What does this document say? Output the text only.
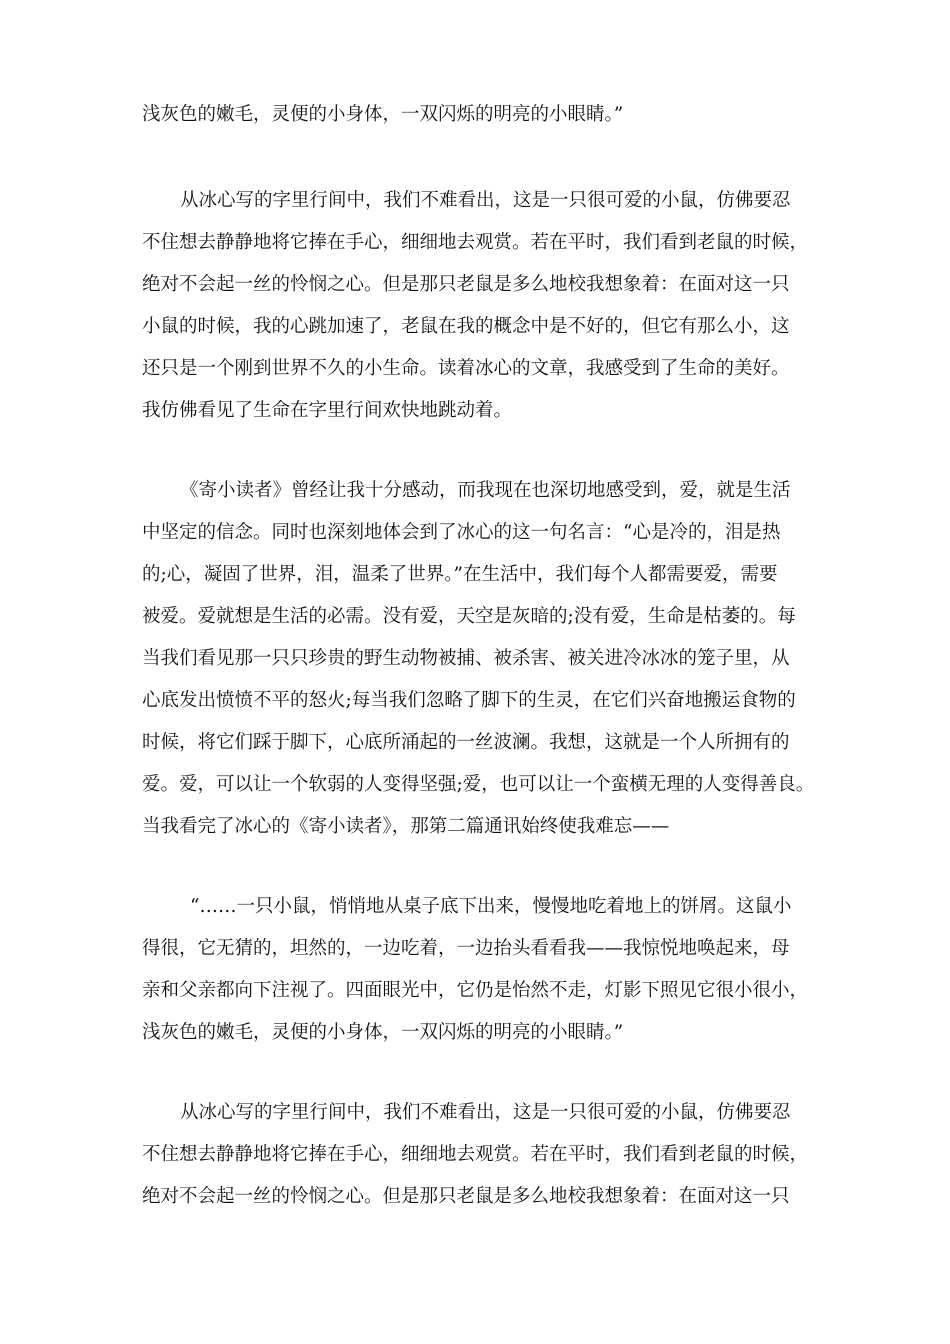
浅灰色的嫩毛，灵便的小身体，一双闪烁的明亮的小眼睛。”
从冰心写的字里行间中，我们不难看出，这是一只很可爱的小鼠，仿佛要忍
不住想去静静地将它捧在手心，细细地去观赏。若在平时，我们看到老鼠的时候，
绝对不会起一丝的怜悯之心。但是那只老鼠是多么地校我想象着：在面对这一只
小鼠的时候，我的心跳加速了，老鼠在我的概念中是不好的，但它有那么小，这
还只是一个刚到世界不久的小生命。读着冰心的文章，我感受到了生命的美好。
我仿佛看见了生命在字里行间欢快地跳动着。
《寄小读者》曾经让我十分感动，而我现在也深切地感受到，爱，就是生活
中坚定的信念。同时也深刻地体会到了冰心的这一句名言：“心是冷的，泪是热
的;心，凝固了世界，泪，温柔了世界。”在生活中，我们每个人都需要爱，需要
被爱。爱就想是生活的必需。没有爱，天空是灰暗的;没有爱，生命是枯萎的。每
当我们看见那一只只珍贵的野生动物被捕、被杀害、被关进冷冰冰的笼子里，从
心底发出愤愤不平的怒火;每当我们忽略了脚下的生灵，在它们兴奋地搬运食物的
时候，将它们踩于脚下，心底所涌起的一丝波澜。我想，这就是一个人所拥有的
爱。爱，可以让一个软弱的人变得坚强;爱，也可以让一个蛮横无理的人变得善良。
当我看完了冰心的《寄小读者》，那第二篇通讯始终使我难忘——
“……一只小鼠，悄悄地从桌子底下出来，慢慢地吃着地上的饼屑。这鼠小
得很，它无猜的，坦然的，一边吃着，一边抬头看看我——我惊悦地唤起来，母
亲和父亲都向下注视了。四面眼光中，它仍是怡然不走，灯影下照见它很小很小，
浅灰色的嫩毛，灵便的小身体，一双闪烁的明亮的小眼睛。”
从冰心写的字里行间中，我们不难看出，这是一只很可爱的小鼠，仿佛要忍
不住想去静静地将它捧在手心，细细地去观赏。若在平时，我们看到老鼠的时候，
绝对不会起一丝的怜悯之心。但是那只老鼠是多么地校我想象着：在面对这一只
